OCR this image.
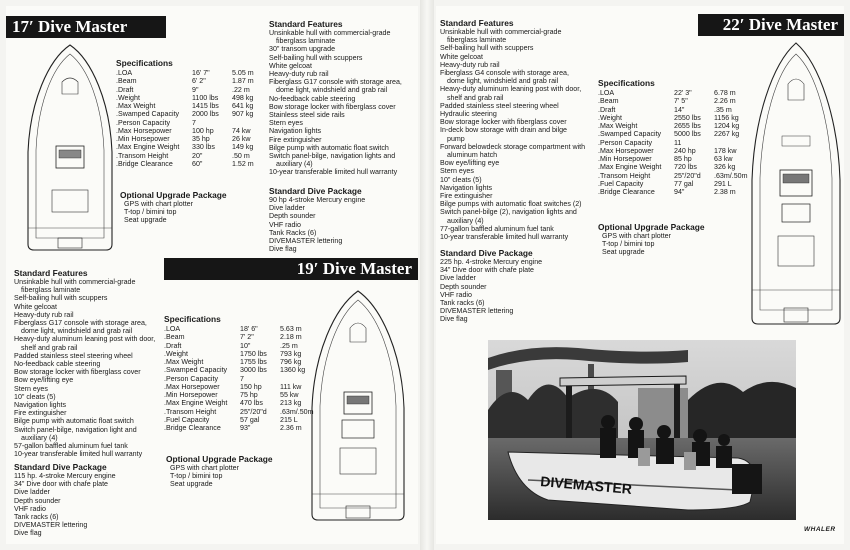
17′ Dive Master
Specifications
.LOA	16' 7"	5.05 m
.Beam	6' 2"	1.87 m
.Draft	9"	.22 m
.Weight	1100 lbs	498 kg
.Max Weight	1415 lbs	641 kg
.Swamped Capacity	2000 lbs	907 kg
.Person Capacity	7	
.Max Horsepower	100 hp	74 kw
.Min Horsepower	35 hp	26 kw
.Max Engine Weight	330 lbs	149 kg
.Transom Height	20"	.50 m
.Bridge Clearance	60"	1.52 m
Optional Upgrade Package
GPS with chart plotter
T-top / bimini top
Seat upgrade
Standard Features
Unsinkable hull with commercial-grade
fiberglass laminate
30" transom upgrade
Self-bailing hull with scuppers
White gelcoat
Heavy-duty rub rail
Fiberglass G17 console with storage area,
dome light, windshield and grab rail
No-feedback cable steering
Bow storage locker with fiberglass cover
Stainless steel side rails
Stern eyes
Navigation lights
Fire extinguisher
Bilge pump with automatic float switch
Switch panel-bilge, navigation lights and
auxiliary (4)
10-year transferable limited hull warranty
Standard Dive Package
90 hp 4-stroke Mercury engine
Dive ladder
Depth sounder
VHF radio
Tank Racks (6)
DIVEMASTER lettering
Dive flag
19′ Dive Master
Standard Features
Unsinkable hull with commercial-grade
fiberglass laminate
Self-bailing hull with scuppers
White gelcoat
Heavy-duty rub rail
Fiberglass G17 console with storage area,
dome light, windshield and grab rail
Heavy-duty aluminum leaning post with door,
shelf and grab rail
Padded stainless steel steering wheel
No-feedback cable steering
Bow storage locker with fiberglass cover
Bow eye/lifting eye
Stern eyes
10" cleats (5)
Navigation lights
Fire extinguisher
Bilge pump with automatic float switch
Switch panel-bilge, navigation light and
auxiliary (4)
57-gallon baffled aluminum fuel tank
10-year transferable limited hull warranty
Standard Dive Package
115 hp. 4-stroke Mercury engine
34" Dive door with chafe plate
Dive ladder
Depth sounder
VHF radio
Tank racks (6)
DIVEMASTER lettering
Dive flag
Specifications
.LOA	18' 6"	5.63 m
.Beam	7' 2"	2.18 m
.Draft	10"	.25 m
.Weight	1750 lbs	793 kg
.Max Weight	1755 lbs	796 kg
.Swamped Capacity	3000 lbs	1360 kg
.Person Capacity	7	
.Max Horsepower	150 hp	111 kw
.Min Horsepower	75 hp	55 kw
.Max Engine Weight	470 lbs	213 kg
.Transom Height	25"/20"d	.63m/.50m
.Fuel Capacity	57 gal	215 L
.Bridge Clearance	93"	2.36 m
Optional Upgrade Package
GPS with chart plotter
T-top / bimini top
Seat upgrade
22′ Dive Master
Standard Features
Unsinkable hull with commercial-grade
fiberglass laminate
Self-bailing hull with scuppers
White gelcoat
Heavy-duty rub rail
Fiberglass G4 console with storage area,
dome light, windshield and grab rail
Heavy-duty aluminum leaning post with door,
shelf and grab rail
Padded stainless steel steering wheel
Hydraulic steering
Bow storage locker with fiberglass cover
In-deck bow storage with drain and bilge
pump
Forward belowdeck storage compartment with
aluminum hatch
Bow eye/lifting eye
Stern eyes
10" cleats (5)
Navigation lights
Fire extinguisher
Bilge pumps with automatic float switches (2)
Switch panel-bilge (2), navigation lights and
auxiliary (4)
77-gallon baffled aluminum fuel tank
10-year transferable limited hull warranty
Standard Dive Package
225 hp. 4-stroke Mercury engine
34" Dive door with chafe plate
Dive ladder
Depth sounder
VHF radio
Tank racks (6)
DIVEMASTER lettering
Dive flag
Specifications
.LOA	22' 3"	6.78 m
.Beam	7' 5"	2.26 m
.Draft	14"	.35 m
.Weight	2550 lbs	1156 kg
.Max Weight	2655 lbs	1204 kg
.Swamped Capacity	5000 lbs	2267 kg
.Person Capacity	11	
.Max Horsepower	240 hp	178 kw
.Min Horsepower	85 hp	63 kw
.Max Engine Weight	720 lbs	326 kg
.Transom Height	25"/20"d	.63m/.50m
.Fuel Capacity	77 gal	291 L
.Bridge Clearance	94"	2.38 m
Optional Upgrade Package
GPS with chart plotter
T-top / bimini top
Seat upgrade
DIVEMASTER
WHALER
